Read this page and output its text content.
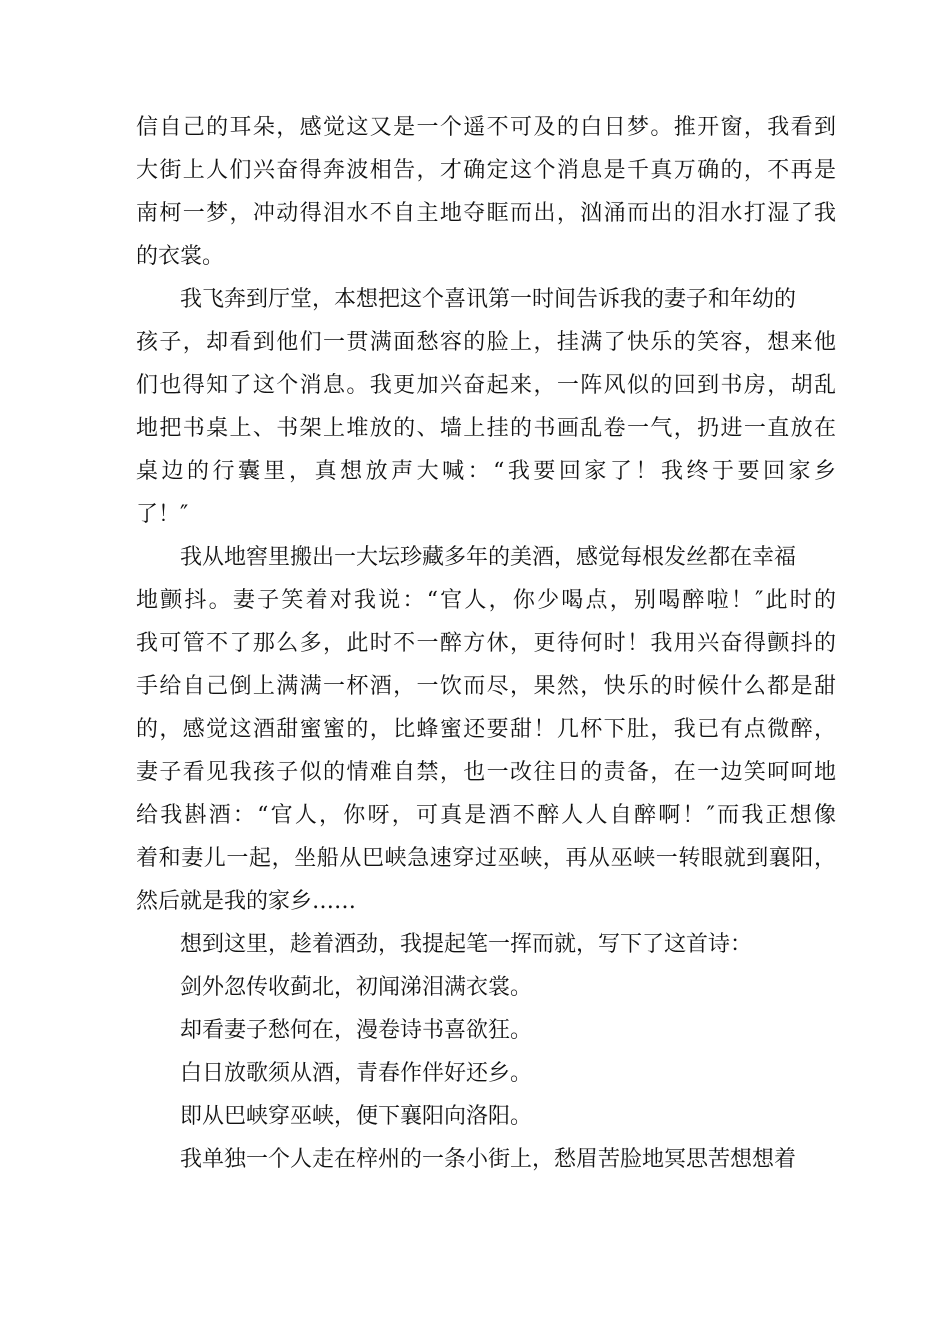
信自己的耳朵，感觉这又是一个遥不可及的白日梦。推开窗，我看到
大街上人们兴奋得奔波相告，才确定这个消息是千真万确的，不再是
南柯一梦，冲动得泪水不自主地夺眶而出，汹涌而出的泪水打湿了我
的衣裳。
我飞奔到厅堂，本想把这个喜讯第一时间告诉我的妻子和年幼的
孩子，却看到他们一贯满面愁容的脸上，挂满了快乐的笑容，想来他
们也得知了这个消息。我更加兴奋起来，一阵风似的回到书房，胡乱
地把书桌上、书架上堆放的、墙上挂的书画乱卷一气，扔进一直放在
桌边的行囊里，真想放声大喊：“我要回家了！我终于要回家乡
了！″
我从地窖里搬出一大坛珍藏多年的美酒，感觉每根发丝都在幸福
地颤抖。妻子笑着对我说：“官人，你少喝点，别喝醉啦！″此时的
我可管不了那么多，此时不一醉方休，更待何时！我用兴奋得颤抖的
手给自己倒上满满一杯酒，一饮而尽，果然，快乐的时候什么都是甜
的，感觉这酒甜蜜蜜的，比蜂蜜还要甜！几杯下肚，我已有点微醉，
妻子看见我孩子似的情难自禁，也一改往日的责备，在一边笑呵呵地
给我斟酒：“官人，你呀，可真是酒不醉人人自醉啊！″而我正想像
着和妻儿一起，坐船从巴峡急速穿过巫峡，再从巫峡一转眼就到襄阳，
然后就是我的家乡……
想到这里，趁着酒劲，我提起笔一挥而就，写下了这首诗：
剑外忽传收蓟北，初闻涕泪满衣裳。
却看妻子愁何在，漫卷诗书喜欲狂。
白日放歌须从酒，青春作伴好还乡。
即从巴峡穿巫峡，便下襄阳向洛阳。
我单独一个人走在梓州的一条小街上，愁眉苦脸地冥思苦想想着
